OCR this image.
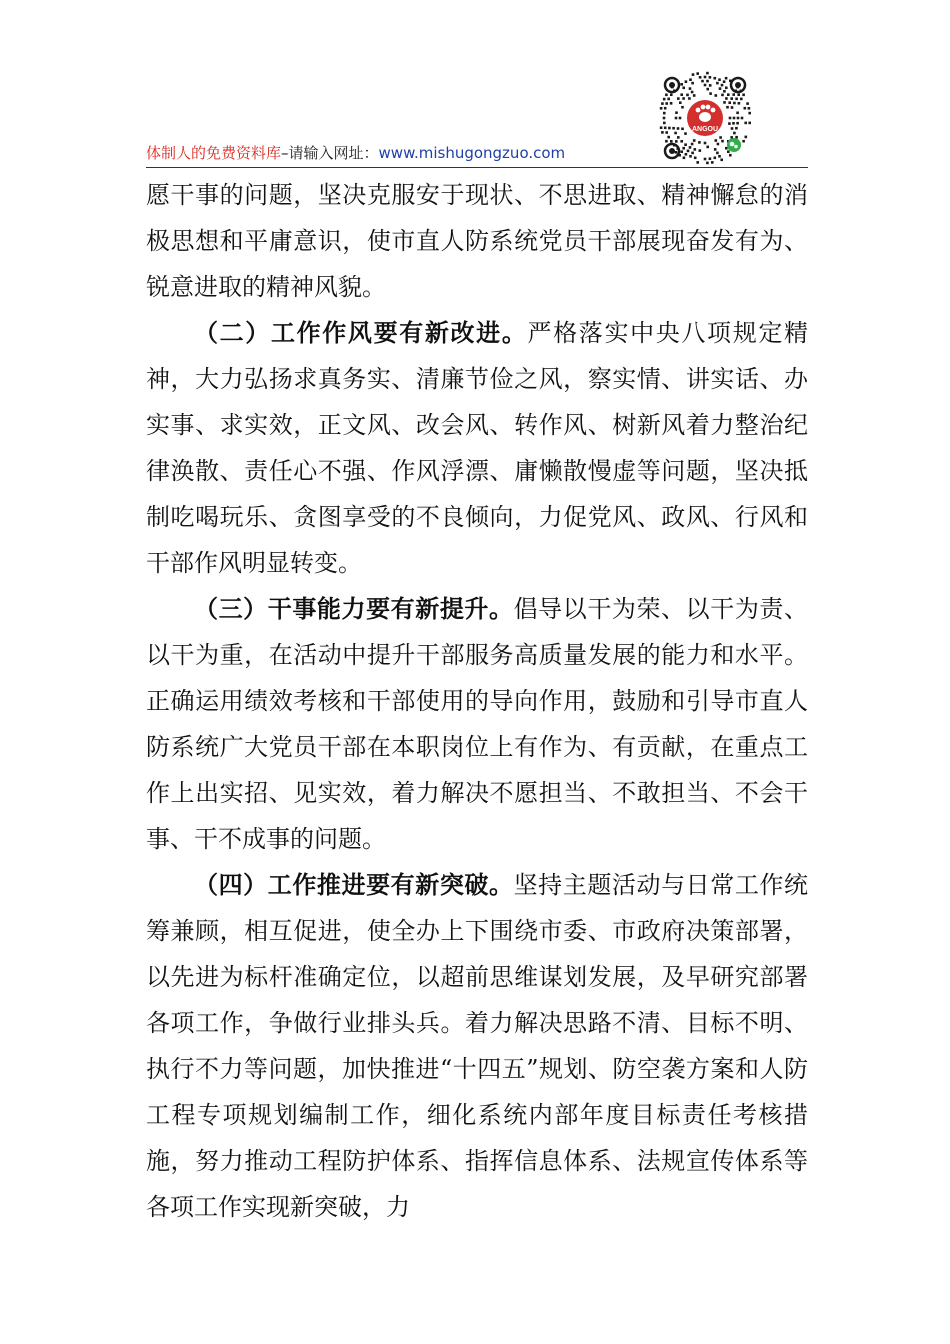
ANGOU
体制人的免费资料库–请输入网址：www.mishugongzuo.com

愿干事的问题，坚决克服安于现状、不思进取、精神懈怠的消极思想和平庸意识，使市直人防系统党员干部展现奋发有为、锐意进取的精神风貌。

（二）工作作风要有新改进。严格落实中央八项规定精神，大力弘扬求真务实、清廉节俭之风，察实情、讲实话、办实事、求实效，正文风、改会风、转作风、树新风着力整治纪律涣散、责任心不强、作风浮漂、庸懒散慢虚等问题，坚决抵制吃喝玩乐、贪图享受的不良倾向，力促党风、政风、行风和干部作风明显转变。

（三）干事能力要有新提升。倡导以干为荣、以干为责、以干为重，在活动中提升干部服务高质量发展的能力和水平。正确运用绩效考核和干部使用的导向作用，鼓励和引导市直人防系统广大党员干部在本职岗位上有作为、有贡献，在重点工作上出实招、见实效，着力解决不愿担当、不敢担当、不会干事、干不成事的问题。

（四）工作推进要有新突破。坚持主题活动与日常工作统筹兼顾，相互促进，使全办上下围绕市委、市政府决策部署，以先进为标杆准确定位，以超前思维谋划发展，及早研究部署各项工作，争做行业排头兵。着力解决思路不清、目标不明、执行不力等问题，加快推进“十四五”规划、防空袭方案和人防工程专项规划编制工作，细化系统内部年度目标责任考核措施，努力推动工程防护体系、指挥信息体系、法规宣传体系等各项工作实现新突破，力
